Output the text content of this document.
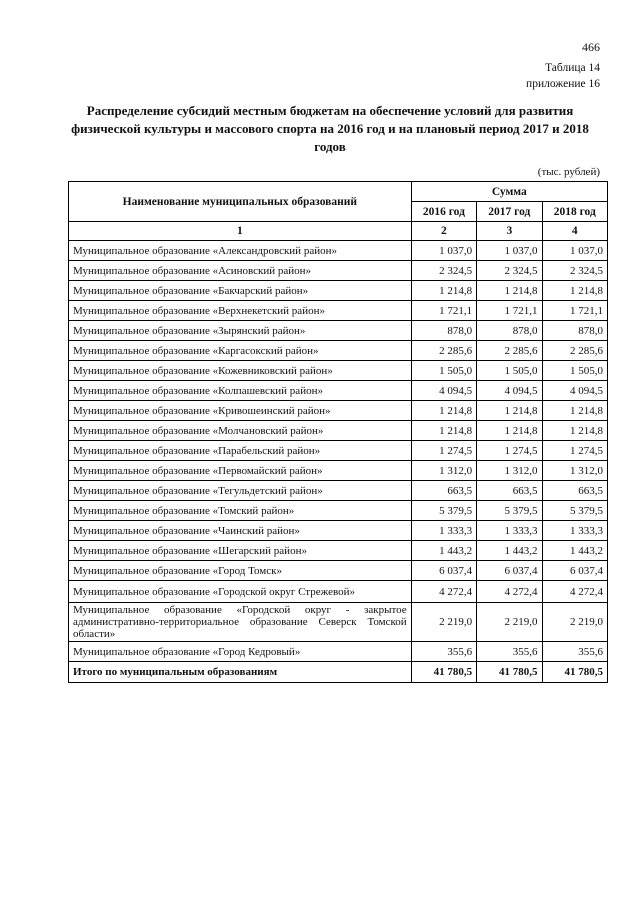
466
Таблица 14
приложение 16
Распределение субсидий местным бюджетам на обеспечение условий для развития физической культуры и массового спорта на 2016 год и на плановый период 2017 и 2018 годов
(тыс. рублей)
Наименование муниципальных образований	Сумма		
	2016 год	2017 год	2018 год
1	2	3	4
Муниципальное образование «Александровский район»	1 037,0	1 037,0	1 037,0
Муниципальное образование «Асиновский район»	2 324,5	2 324,5	2 324,5
Муниципальное образование «Бакчарский район»	1 214,8	1 214,8	1 214,8
Муниципальное образование «Верхнекетский район»	1 721,1	1 721,1	1 721,1
Муниципальное образование «Зырянский район»	878,0	878,0	878,0
Муниципальное образование «Каргасокский район»	2 285,6	2 285,6	2 285,6
Муниципальное образование «Кожевниковский район»	1 505,0	1 505,0	1 505,0
Муниципальное образование «Колпашевский район»	4 094,5	4 094,5	4 094,5
Муниципальное образование «Кривошеинский район»	1 214,8	1 214,8	1 214,8
Муниципальное образование «Молчановский район»	1 214,8	1 214,8	1 214,8
Муниципальное образование «Парабельский район»	1 274,5	1 274,5	1 274,5
Муниципальное образование «Первомайский район»	1 312,0	1 312,0	1 312,0
Муниципальное образование «Тегульдетский район»	663,5	663,5	663,5
Муниципальное образование «Томский район»	5 379,5	5 379,5	5 379,5
Муниципальное образование «Чаинский район»	1 333,3	1 333,3	1 333,3
Муниципальное образование «Шегарский район»	1 443,2	1 443,2	1 443,2
Муниципальное образование «Город Томск»	6 037,4	6 037,4	6 037,4
Муниципальное образование «Городской округ Стрежевой»	4 272,4	4 272,4	4 272,4
Муниципальное образование «Городской округ - закрытое административно-территориальное образование Северск Томской области»	2 219,0	2 219,0	2 219,0
Муниципальное образование «Город Кедровый»	355,6	355,6	355,6
Итого по муниципальным образованиям	41 780,5	41 780,5	41 780,5
